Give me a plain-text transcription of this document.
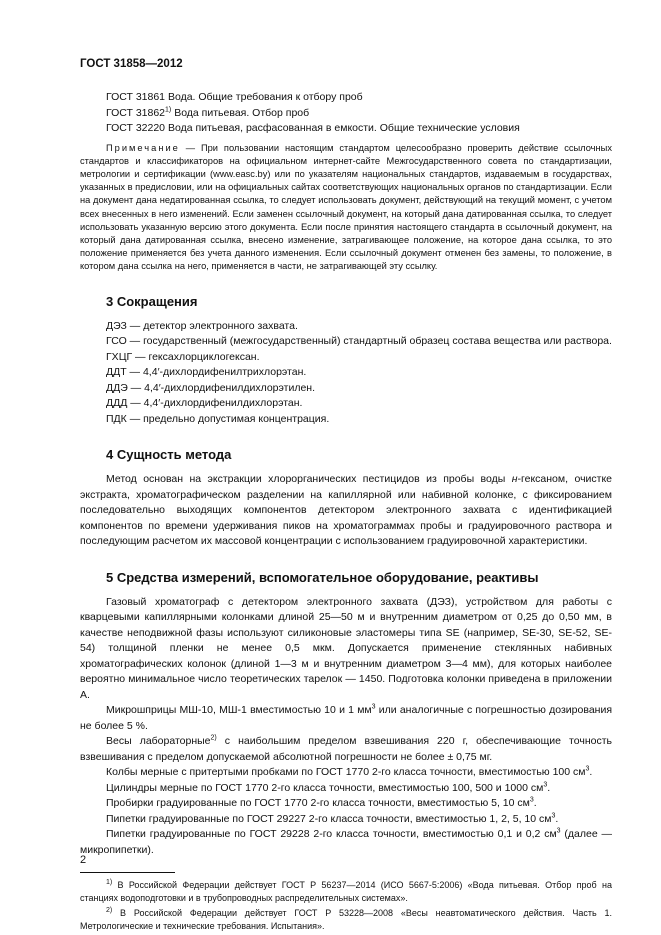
ГОСТ 31858—2012
ГОСТ 31861 Вода. Общие требования к отбору проб
ГОСТ 31862$^{1)}$ Вода питьевая. Отбор проб
ГОСТ 32220 Вода питьевая, расфасованная в емкости. Общие технические условия
Примечание — При пользовании настоящим стандартом целесообразно проверить действие ссылочных стандартов и классификаторов на официальном интернет-сайте Межгосударственного совета по стандартизации, метрологии и сертификации (www.easc.by) или по указателям национальных стандартов, издаваемым в государствах, указанных в предисловии, или на официальных сайтах соответствующих национальных органов по стандартизации. Если на документ дана недатированная ссылка, то следует использовать документ, действующий на текущий момент, с учетом всех внесенных в него изменений. Если заменен ссылочный документ, на который дана датированная ссылка, то следует использовать указанную версию этого документа. Если после принятия настоящего стандарта в ссылочный документ, на который дана датированная ссылка, внесено изменение, затрагивающее положение, на которое дана ссылка, то это положение применяется без учета данного изменения. Если ссылочный документ отменен без замены, то положение, в котором дана ссылка на него, применяется в части, не затрагивающей эту ссылку.
3 Сокращения
ДЭЗ — детектор электронного захвата.

ГСО — государственный (межгосударственный) стандартный образец состава вещества или раствора.

ГХЦГ — гексахлорциклогексан.
ДДТ — 4,4′-дихлордифенилтрихлорэтан.
ДДЭ — 4,4′-дихлордифенилдихлорэтилен.
ДДД — 4,4′-дихлордифенилдихлорэтан.
ПДК — предельно допустимая концентрация.
4 Сущность метода

Метод основан на экстракции хлорорганических пестицидов из пробы воды н-гексаном, очистке экстракта, хроматографическом разделении на капиллярной или набивной колонке, с фиксированием последовательно выходящих компонентов детектором электронного захвата с идентификацией компонентов по времени удерживания пиков на хроматограммах пробы и градуировочного раствора и последующим расчетом их массовой концентрации с использованием градуировочной характеристики.

5 Средства измерений, вспомогательное оборудование, реактивы

Газовый хроматограф с детектором электронного захвата (ДЭЗ), устройством для работы с кварцевыми капиллярными колонками длиной 25—50 м и внутренним диаметром от 0,25 до 0,50 мм, в качестве неподвижной фазы используют силиконовые эластомеры типа SE (например, SE-30, SE-52, SE-54) толщиной пленки не менее 0,5 мкм. Допускается применение стеклянных набивных хроматографических колонок (длиной 1—3 м и внутренним диаметром 3—4 мм), для которых наиболее вероятно минимальное число теоретических тарелок — 1450. Подготовка колонки приведена в приложении А.

Микрошприцы МШ-10, МШ-1 вместимостью 10 и 1 $мм^3$ или аналогичные с погрешностью дозирования не более 5 %.

Весы лабораторные$^{2)}$ с наибольшим пределом взвешивания 220 г, обеспечивающие точность взвешивания с пределом допускаемой абсолютной погрешности не более ± 0,75 мг.

Колбы мерные с притертыми пробками по ГОСТ 1770 2-го класса точности, вместимостью 100 $см^3$.

Цилиндры мерные по ГОСТ 1770 2-го класса точности, вместимостью 100, 500 и 1000 $см^3$.

Пробирки градуированные по ГОСТ 1770 2-го класса точности, вместимостью 5, 10 $см^3$.

Пипетки градуированные по ГОСТ 29227 2-го класса точности, вместимостью 1, 2, 5, 10 $см^3$.

Пипетки градуированные по ГОСТ 29228 2-го класса точности, вместимостью 0,1 и 0,2 $см^3$ (далее — микропипетки).

$^{1)}$ В Российской Федерации действует ГОСТ Р 56237—2014 (ИСО 5667-5:2006) «Вода питьевая. Отбор проб на станциях водоподготовки и в трубопроводных распределительных системах».
$^{2)}$ В Российской Федерации действует ГОСТ Р 53228—2008 «Весы неавтоматического действия. Часть 1. Метрологические и технические требования. Испытания».
2
